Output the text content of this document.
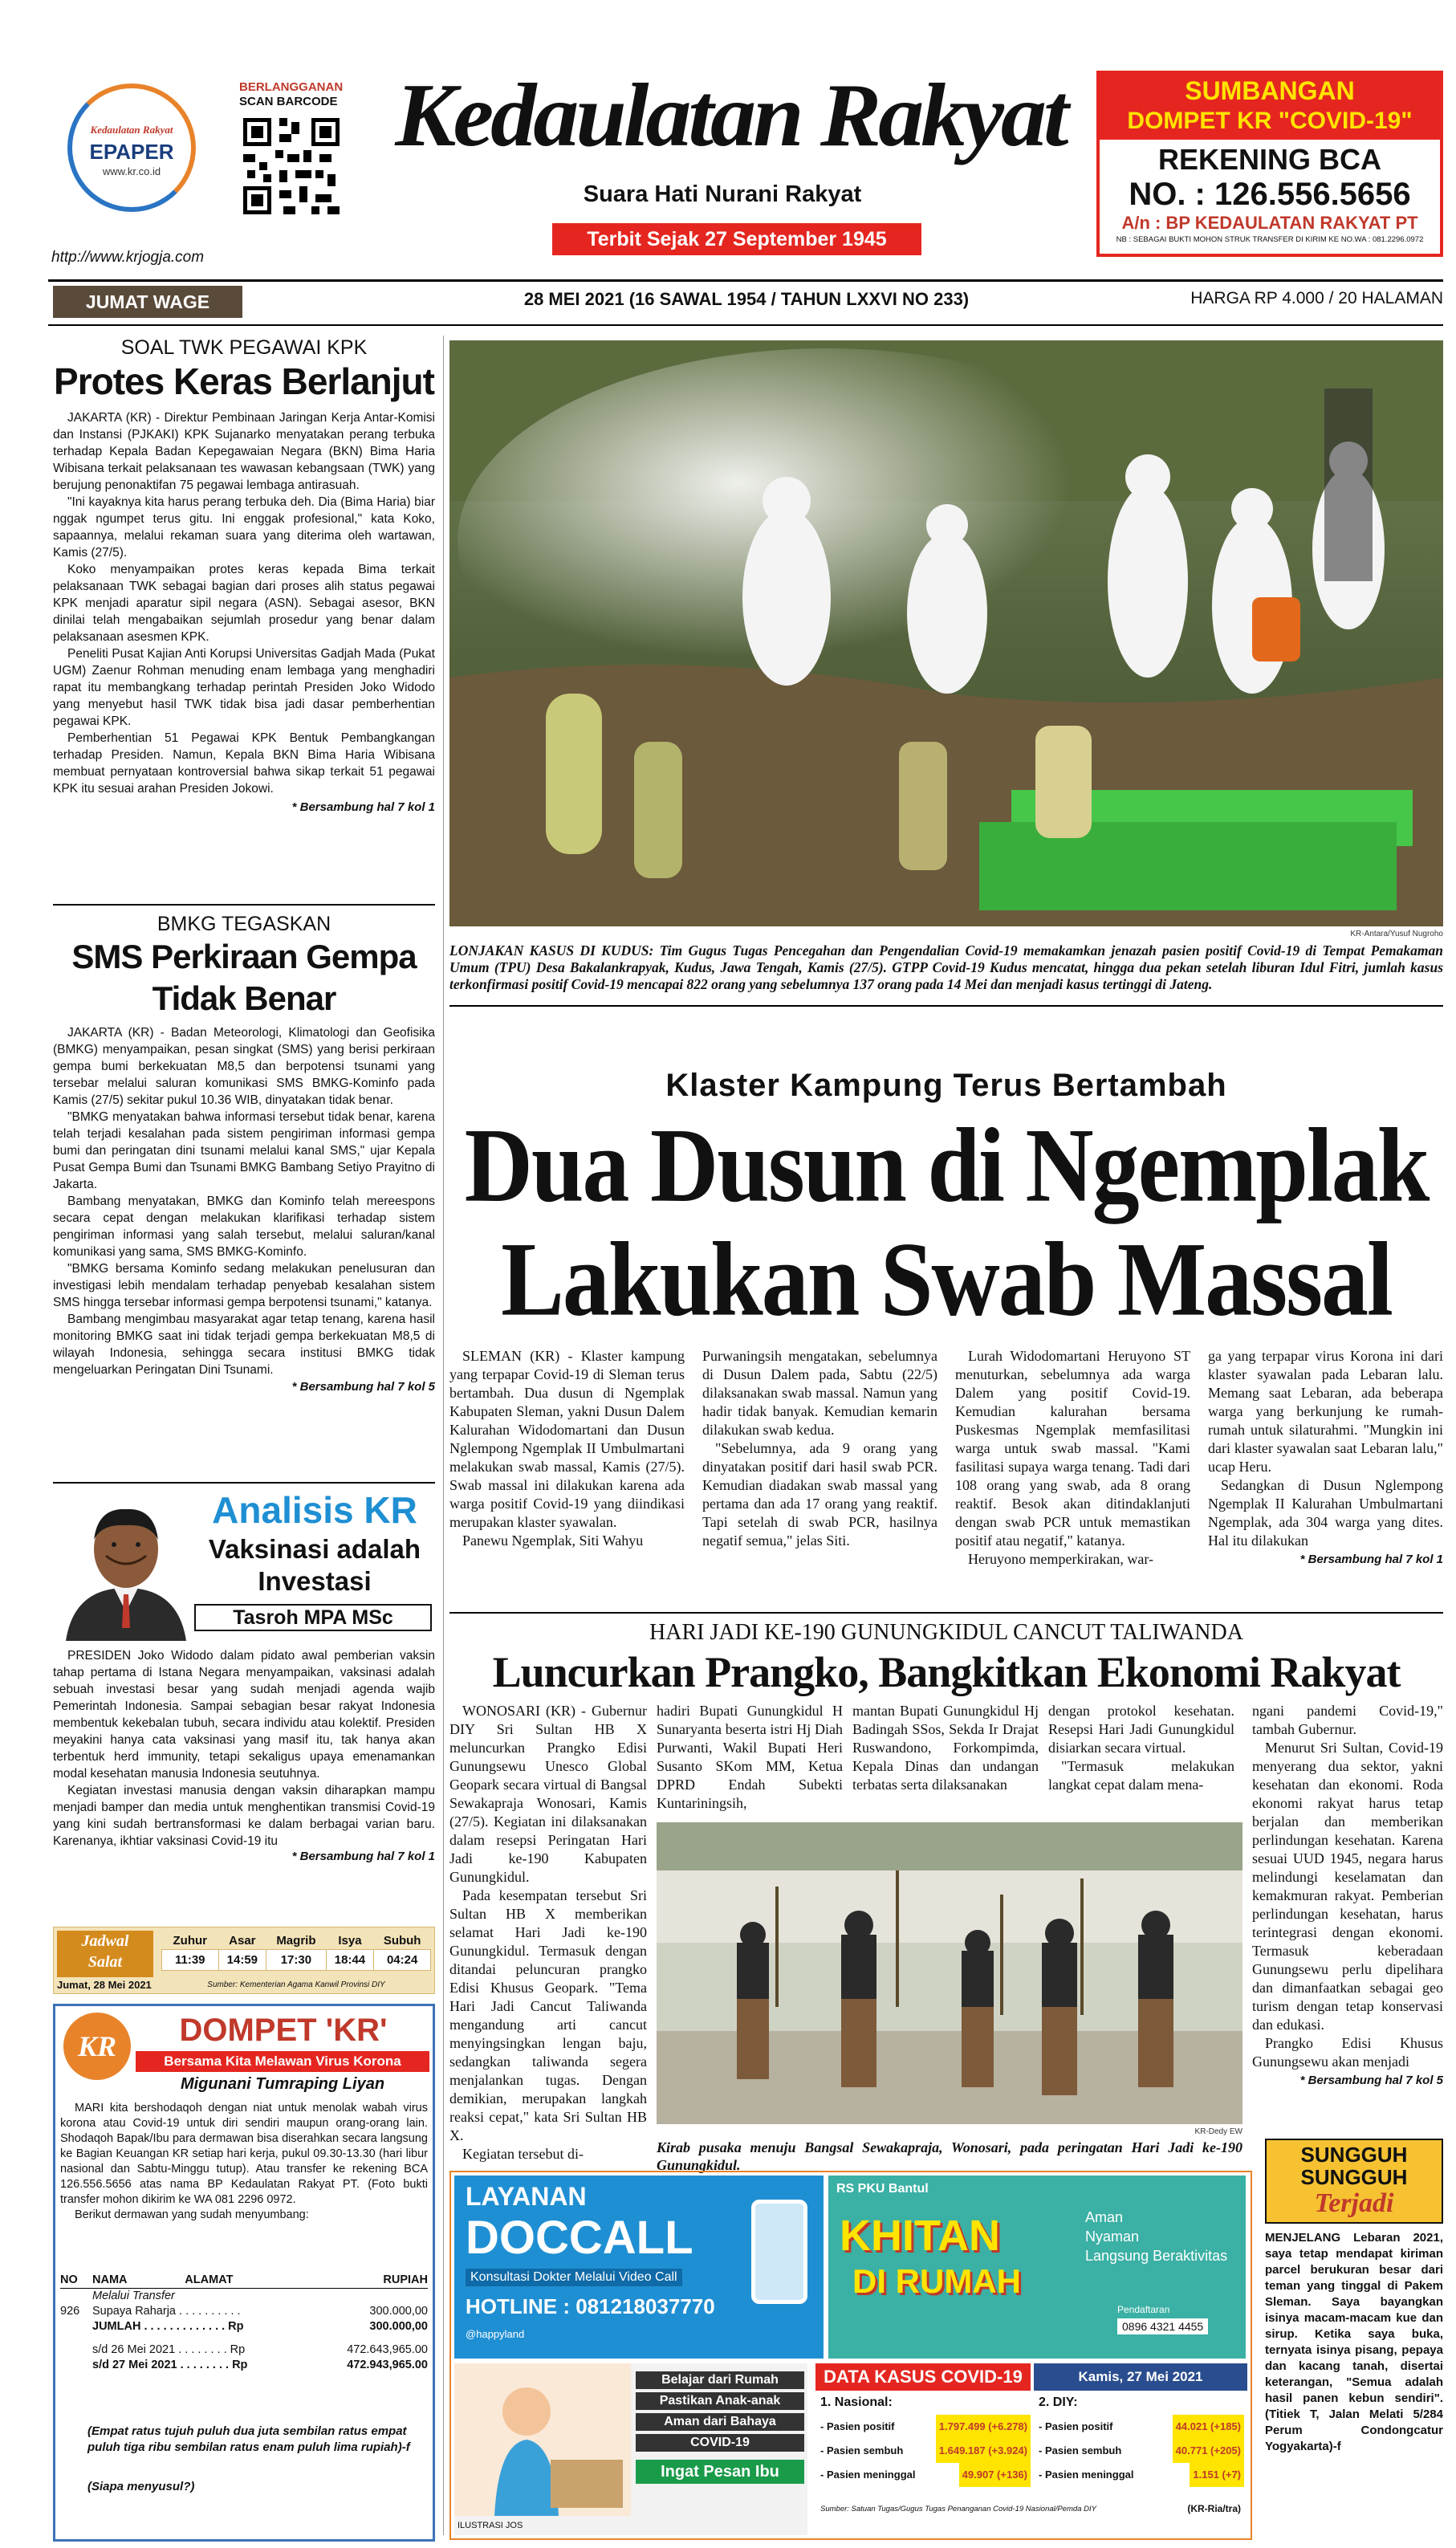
Kedaulatan Rakyat
EPAPER
www.kr.co.id
BERLANGGANAN
SCAN BARCODE Kedaulatan Rakyat
Suara Hati Nurani Rakyat
Terbit Sejak 27 September 1945
http://www.krjogja.com
SUMBANGAN
DOMPET KR "COVID-19"
REKENING BCA
NO. : 126.556.5656
A/n : BP KEDAULATAN RAKYAT PT
NB : SEBAGAI BUKTI MOHON STRUK TRANSFER DI KIRIM KE NO.WA : 081.2296.0972
JUMAT WAGE	28 MEI 2021 (16 SAWAL 1954 / TAHUN LXXVI NO 233)	HARGA RP 4.000 / 20 HALAMAN
SOAL TWK PEGAWAI KPK
Protes Keras Berlanjut

JAKARTA (KR) - Direktur Pembinaan Jaringan Kerja Antar-Komisi dan Instansi (PJKAKI) KPK Sujanarko menyatakan perang terbuka terhadap Kepala Badan Kepegawaian Negara (BKN) Bima Haria Wibisana terkait pelaksanaan tes wawasan kebangsaan (TWK) yang berujung penonaktifan 75 pegawai lembaga antirasuah.

"Ini kayaknya kita harus perang terbuka deh. Dia (Bima Haria) biar nggak ngumpet terus gitu. Ini enggak profesional," kata Koko, sapaannya, melalui rekaman suara yang diterima oleh wartawan, Kamis (27/5).

Koko menyampaikan protes keras kepada Bima terkait pelaksanaan TWK sebagai bagian dari proses alih status pegawai KPK menjadi aparatur sipil negara (ASN). Sebagai asesor, BKN dinilai telah mengabaikan sejumlah prosedur yang benar dalam pelaksanaan asesmen KPK.

Peneliti Pusat Kajian Anti Korupsi Universitas Gadjah Mada (Pukat UGM) Zaenur Rohman menuding enam lembaga yang menghadiri rapat itu membangkang terhadap perintah Presiden Joko Widodo yang menyebut hasil TWK tidak bisa jadi dasar pemberhentian pegawai KPK.

Pemberhentian 51 Pegawai KPK Bentuk Pembangkangan terhadap Presiden. Namun, Kepala BKN Bima Haria Wibisana membuat pernyataan kontroversial bahwa sikap terkait 51 pegawai KPK itu sesuai arahan Presiden Jokowi.

* Bersambung hal 7 kol 1
BMKG TEGASKAN
SMS Perkiraan Gempa Tidak Benar

JAKARTA (KR) - Badan Meteorologi, Klimatologi dan Geofisika (BMKG) menyampaikan, pesan singkat (SMS) yang berisi perkiraan gempa bumi berkekuatan M8,5 dan berpotensi tsunami yang tersebar melalui saluran komunikasi SMS BMKG-Kominfo pada Kamis (27/5) sekitar pukul 10.36 WIB, dinyatakan tidak benar.

"BMKG menyatakan bahwa informasi tersebut tidak benar, karena telah terjadi kesalahan pada sistem pengiriman informasi gempa bumi dan peringatan dini tsunami melalui kanal SMS," ujar Kepala Pusat Gempa Bumi dan Tsunami BMKG Bambang Setiyo Prayitno di Jakarta.

Bambang menyatakan, BMKG dan Kominfo telah mereespons secara cepat dengan melakukan klarifikasi terhadap sistem pengiriman informasi yang salah tersebut, melalui saluran/kanal komunikasi yang sama, SMS BMKG-Kominfo.

"BMKG bersama Kominfo sedang melakukan penelusuran dan investigasi lebih mendalam terhadap penyebab kesalahan sistem SMS hingga tersebar informasi gempa berpotensi tsunami," katanya.

Bambang mengimbau masyarakat agar tetap tenang, karena hasil monitoring BMKG saat ini tidak terjadi gempa berkekuatan M8,5 di wilayah Indonesia, sehingga secara institusi BMKG tidak mengeluarkan Peringatan Dini Tsunami.

* Bersambung hal 7 kol 5
Analisis KR
Vaksinasi adalah
Investasi
Tasroh MPA MSc

PRESIDEN Joko Widodo dalam pidato awal pemberian vaksin tahap pertama di Istana Negara menyampaikan, vaksinasi adalah sebuah investasi besar yang sudah menjadi agenda wajib Pemerintah Indonesia. Sampai sebagian besar rakyat Indonesia membentuk kekebalan tubuh, secara individu atau kolektif. Presiden meyakini hanya cata vaksinasi yang masif itu, tak hanya akan terbentuk herd immunity, tetapi sekaligus upaya emenamankan modal kesehatan manusia Indonesia seutuhnya.

Kegiatan investasi manusia dengan vaksin diharapkan mampu menjadi bamper dan media untuk menghentikan transmisi Covid-19 yang kini sudah bertransformasi ke dalam berbagai varian baru. Karenanya, ikhtiar vaksinasi Covid-19 itu

* Bersambung hal 7 kol 1
Jadwal
Salat
Jumat, 28 Mei 2021
Zuhur	Asar	Magrib	Isya	Subuh
11:39	14:59	17:30	18:44	04:24
Sumber: Kementerian Agama Kanwil Provinsi DIY
KR	DOMPET 'KR'
Bersama Kita Melawan Virus Korona
Migunani Tumraping Liyan

MARI kita bershodaqoh dengan niat untuk menolak wabah virus korona atau Covid-19 untuk diri sendiri maupun orang-orang lain. Shodaqoh Bapak/Ibu para dermawan bisa diserahkan secara langsung ke Bagian Keuangan KR setiap hari kerja, pukul 09.30-13.30 (hari libur nasional dan Sabtu-Minggu tutup). Atau transfer ke rekening BCA 126.556.5656 atas nama BP Kedaulatan Rakyat PT. (Foto bukti transfer mohon dikirim ke WA 081 2296 0972.

Berikut dermawan yang sudah menyumbang:

NO	NAMA	ALAMAT	RUPIAH
	Melalui Transfer		
926	Supaya Raharja . . . . . . . . . .		300.000,00
	JUMLAH . . . . . . . . . . . . . Rp		300.000,00

	s/d 26 Mei 2021 . . . . . . . . Rp		472.643,965.00
	s/d 27 Mei 2021 . . . . . . . . Rp		472.943,965.00
(Empat ratus tujuh puluh dua juta sembilan ratus empat puluh tiga ribu sembilan ratus enam puluh lima rupiah)-f
(Siapa menyusul?)
KR-Antara/Yusuf Nugroho
LONJAKAN KASUS DI KUDUS: Tim Gugus Tugas Pencegahan dan Pengendalian Covid-19 memakamkan jenazah pasien positif Covid-19 di Tempat Pemakaman Umum (TPU) Desa Bakalankrapyak, Kudus, Jawa Tengah, Kamis (27/5). GTPP Covid-19 Kudus mencatat, hingga dua pekan setelah liburan Idul Fitri, jumlah kasus terkonfirmasi positif Covid-19 mencapai 822 orang yang sebelumnya 137 orang pada 14 Mei dan menjadi kasus tertinggi di Jateng.
Klaster Kampung Terus Bertambah
Dua Dusun di Ngemplak
Lakukan Swab Massal

SLEMAN (KR) - Klaster kampung yang terpapar Covid-19 di Sleman terus bertambah. Dua dusun di Ngemplak Kabupaten Sleman, yakni Dusun Dalem Kalurahan Widodomartani dan Dusun Nglempong Ngemplak II Umbulmartani melakukan swab massal, Kamis (27/5). Swab massal ini dilakukan karena ada warga positif Covid-19 yang diindikasi merupakan klaster syawalan.

Panewu Ngemplak, Siti Wahyu

Purwaningsih mengatakan, sebelumnya di Dusun Dalem pada, Sabtu (22/5) dilaksanakan swab massal. Namun yang hadir tidak banyak. Kemudian kemarin dilakukan swab kedua.

"Sebelumnya, ada 9 orang yang dinyatakan positif dari hasil swab PCR. Kemudian diadakan swab massal yang pertama dan ada 17 orang yang reaktif. Tapi setelah di swab PCR, hasilnya negatif semua," jelas Siti.

Lurah Widodomartani Heruyono ST menuturkan, sebelumnya ada warga Dalem yang positif Covid-19. Kemudian kalurahan bersama Puskesmas Ngemplak memfasilitasi warga untuk swab massal. "Kami fasilitasi supaya warga tenang. Tadi dari 108 orang yang swab, ada 8 orang reaktif. Besok akan ditindaklanjuti dengan swab PCR untuk memastikan positif atau negatif," katanya.

Heruyono memperkirakan, war-

ga yang terpapar virus Korona ini dari klaster syawalan pada Lebaran lalu. Memang saat Lebaran, ada beberapa warga yang berkunjung ke rumah-rumah untuk silaturahmi. "Mungkin ini dari klaster syawalan saat Lebaran lalu," ucap Heru.

Sedangkan di Dusun Nglempong Ngemplak II Kalurahan Umbulmartani Ngemplak, ada 304 warga yang dites. Hal itu dilakukan

* Bersambung hal 7 kol 1
HARI JADI KE-190 GUNUNGKIDUL CANCUT TALIWANDA
Luncurkan Prangko, Bangkitkan Ekonomi Rakyat

WONOSARI (KR) - Gubernur DIY Sri Sultan HB X meluncurkan Prangko Edisi Gunungsewu Unesco Global Geopark secara virtual di Bangsal Sewakapraja Wonosari, Kamis (27/5). Kegiatan ini dilaksanakan dalam resepsi Peringatan Hari Jadi ke-190 Kabupaten Gunungkidul.

Pada kesempatan tersebut Sri Sultan HB X memberikan selamat Hari Jadi ke-190 Gunungkidul. Termasuk dengan ditandai peluncuran prangko Edisi Khusus Geopark. "Tema Hari Jadi Cancut Taliwanda mengandung arti cancut menyingsingkan lengan baju, sedangkan taliwanda segera menjalankan tugas. Dengan demikian, merupakan langkah reaksi cepat," kata Sri Sultan HB X.

Kegiatan tersebut di-

hadiri Bupati Gunungkidul H Sunaryanta beserta istri Hj Diah Purwanti, Wakil Bupati Heri Susanto SKom MM, Ketua DPRD Endah Subekti Kuntariningsih,

mantan Bupati Gunungkidul Hj Badingah SSos, Sekda Ir Drajat Ruswandono, Forkompimda, Kepala Dinas dan undangan terbatas serta dilaksanakan

dengan protokol kesehatan. Resepsi Hari Jadi Gunungkidul disiarkan secara virtual.

"Termasuk melakukan langkat cepat dalam mena-

ngani pandemi Covid-19," tambah Gubernur.

Menurut Sri Sultan, Covid-19 menyerang dua sektor, yakni kesehatan dan ekonomi. Roda ekonomi rakyat harus tetap berjalan dan memberikan perlindungan kesehatan. Karena sesuai UUD 1945, negara harus melindungi keselamatan dan kemakmuran rakyat. Pemberian perlindungan kesehatan, harus terintegrasi dengan ekonomi. Termasuk keberadaan Gunungsewu perlu dipelihara dan dimanfaatkan sebagai geo turism dengan tetap konservasi dan edukasi.

Prangko Edisi Khusus Gunungsewu akan menjadi

* Bersambung hal 7 kol 5
KR-Dedy EW
Kirab pusaka menuju Bangsal Sewakapraja, Wonosari, pada peringatan Hari Jadi ke-190 Gunungkidul.	SUNGGUH
SUNGGUH
Terjadi
MENJELANG Lebaran 2021, saya tetap mendapat kiriman parcel berukuran besar dari teman yang tinggal di Pakem Sleman. Saya bayangkan isinya macam-macam kue dan sirup. Ketika saya buka, ternyata isinya pisang, pepaya dan kacang tanah, disertai keterangan, "Semua adalah hasil panen kebun sendiri". (Titiek T, Jalan Melati 5/284 Perum Condongcatur Yogyakarta)-f
LAYANAN
DOCCALL
Konsultasi Dokter Melalui Video Call
HOTLINE : 081218037770
@happyland
RS PKU Bantul
KHITAN
DI RUMAH
Aman
Nyaman
Langsung Beraktivitas
Pendaftaran
0896 4321 4455
ILUSTRASI JOS
Belajar dari Rumah
Pastikan Anak-anak
Aman dari Bahaya
COVID-19
Ingat Pesan Ibu
DATA KASUS COVID-19	Kamis, 27 Mei 2021
1. Nasional:	2. DIY:
- Pasien positif	1.797.499 (+6.278)
- Pasien sembuh	1.649.187 (+3.924)
- Pasien meninggal	49.907 (+136)
- Pasien positif	44.021 (+185)
- Pasien sembuh	40.771 (+205)
- Pasien meninggal	1.151 (+7)
Sumber: Satuan Tugas/Gugus Tugas Penanganan Covid-19 Nasional/Pemda DIY	(KR-Ria/tra)
